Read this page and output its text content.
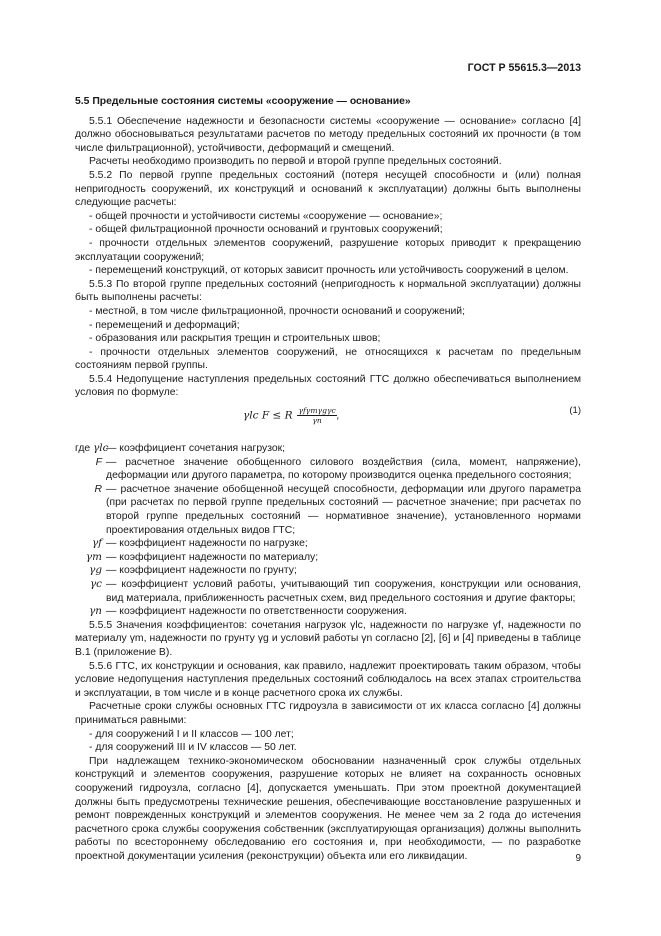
ГОСТ Р 55615.3—2013
5.5 Предельные состояния системы «сооружение — основание»

5.5.1 Обеспечение надежности и безопасности системы «сооружение — основание» согласно [4] должно обосновываться результатами расчетов по методу предельных состояний их прочности (в том числе фильтрационной), устойчивости, деформаций и смещений.

Расчеты необходимо производить по первой и второй группе предельных состояний.

5.5.2 По первой группе предельных состояний (потеря несущей способности и (или) полная непригодность сооружений, их конструкций и оснований к эксплуатации) должны быть выполнены следующие расчеты:

- общей прочности и устойчивости системы «сооружение — основание»;

- общей фильтрационной прочности оснований и грунтовых сооружений;

- прочности отдельных элементов сооружений, разрушение которых приводит к прекращению эксплуатации сооружений;

- перемещений конструкций, от которых зависит прочность или устойчивость сооружений в целом.

5.5.3 По второй группе предельных состояний (непригодность к нормальной эксплуатации) должны быть выполнены расчеты:

- местной, в том числе фильтрационной, прочности оснований и сооружений;

- перемещений и деформаций;

- образования или раскрытия трещин и строительных швов;

- прочности отдельных элементов сооружений, не относящихся к расчетам по предельным состояниям первой группы.

5.5.4 Недопущение наступления предельных состояний ГТС должно обеспечиваться выполнением условия по формуле:

γlc F ≤ R $\frac{\text{γfγmγgγc}}{\gamma n}$ ,	(1)
где γlc
— коэффициент сочетания нагрузок;
F — расчетное значение обобщенного силового воздействия (сила, момент, напряжение), деформации или другого параметра, по которому производится оценка предельного состояния;
R — расчетное значение обобщенной несущей способности, деформации или другого параметра (при расчетах по первой группе предельных состояний — расчетное значение; при расчетах по второй группе предельных состояний — нормативное значение), установленного нормами проектирования отдельных видов ГТС;
γf — коэффициент надежности по нагрузке;
γm — коэффициент надежности по материалу;
γg — коэффициент надежности по грунту;
γc — коэффициент условий работы, учитывающий тип сооружения, конструкции или основания, вид материала, приближенность расчетных схем, вид предельного состояния и другие факторы;
γn — коэффициент надежности по ответственности сооружения.

5.5.5 Значения коэффициентов: сочетания нагрузок γlc, надежности по нагрузке γf, надежности по материалу γm, надежности по грунту γg и условий работы γn согласно [2], [6] и [4] приведены в таблице В.1 (приложение В).

5.5.6 ГТС, их конструкции и основания, как правило, надлежит проектировать таким образом, чтобы условие недопущения наступления предельных состояний соблюдалось на всех этапах строительства и эксплуатации, в том числе и в конце расчетного срока их службы.

Расчетные сроки службы основных ГТС гидроузла в зависимости от их класса согласно [4] должны приниматься равными:

- для сооружений I и II классов — 100 лет;

- для сооружений III и IV классов — 50 лет.

При надлежащем технико-экономическом обосновании назначенный срок службы отдельных конструкций и элементов сооружения, разрушение которых не влияет на сохранность основных сооружений гидроузла, согласно [4], допускается уменьшать. При этом проектной документацией должны быть предусмотрены технические решения, обеспечивающие восстановление разрушенных и ремонт поврежденных конструкций и элементов сооружения. Не менее чем за 2 года до истечения расчетного срока службы сооружения собственник (эксплуатирующая организация) должны выполнить работы по всестороннему обследованию его состояния и, при необходимости, — по разработке проектной документации усиления (реконструкции) объекта или его ликвидации.	9
